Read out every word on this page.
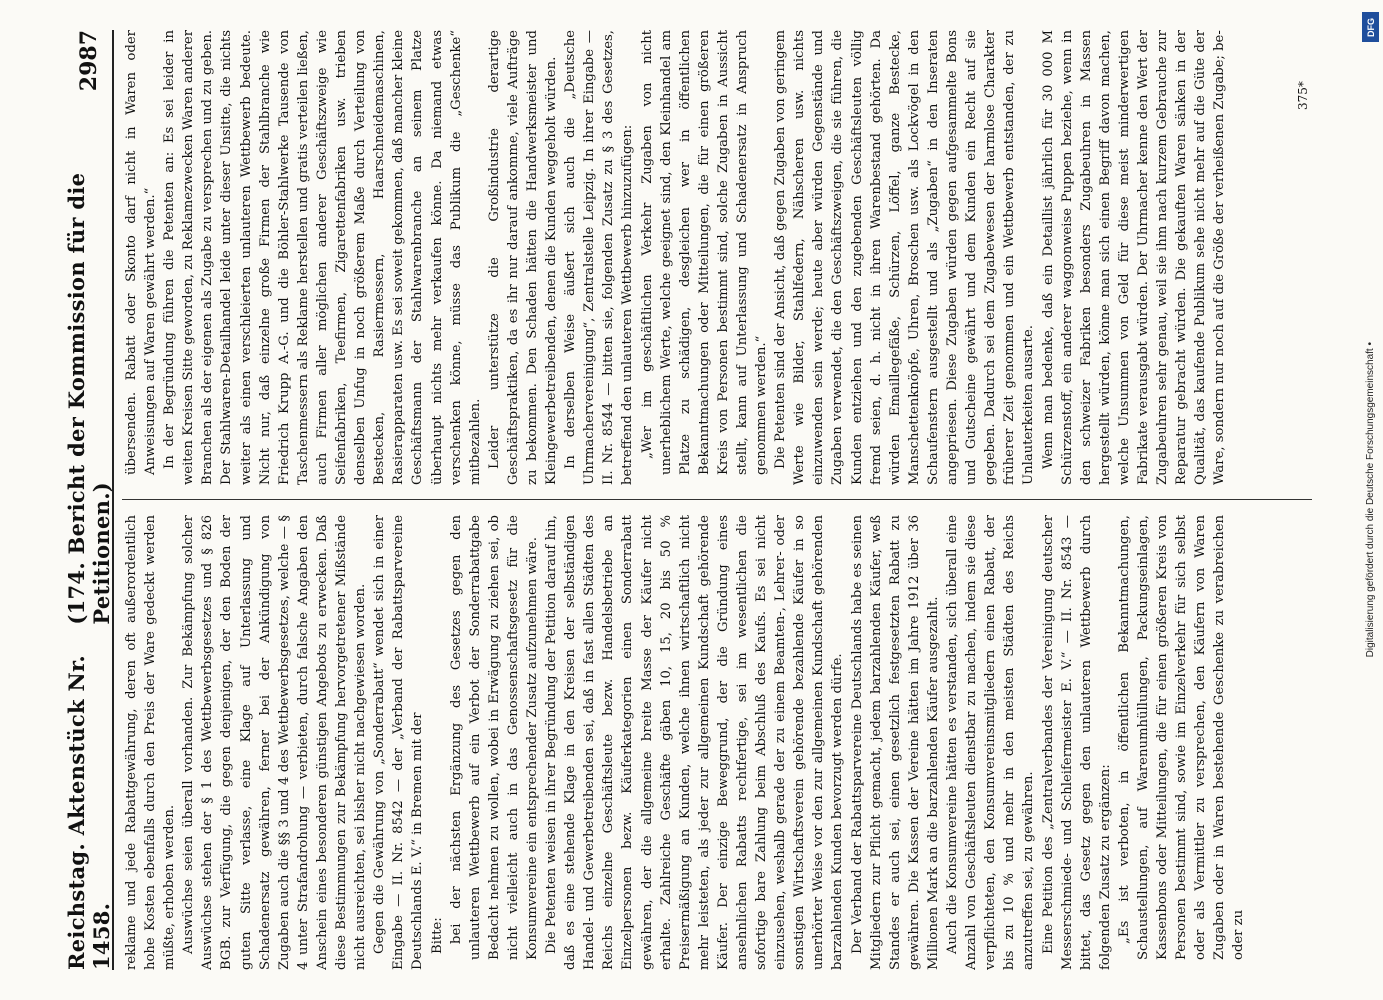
Reichstag. Aktenstück Nr. 1458.
(174. Bericht der Kommission für die Petitionen.)
2987

reklame und jede Rabattgewährung, deren oft außerordentlich hohe Kosten ebenfalls durch den Preis der Ware gedeckt werden müßte, erhoben werden. Auswüchse seien überall vorhanden. Zur Bekämpfung solcher Auswüchse stehen der § 1 des Wettbewerbsgesetzes und § 826 BGB. zur Verfügung, die gegen denjenigen, der den Boden der guten Sitte verlasse, eine Klage auf Unterlassung und Schadenersatz gewähren, ferner bei der Ankündigung von Zugaben auch die §§ 3 und 4 des Wettbewerbsgesetzes, welche — § 4 unter Strafandrohung — verbieten, durch falsche Angaben den Anschein eines besonderen günstigen Angebots zu erwecken. Daß diese Bestimmungen zur Bekämpfung hervorgetretener Mißstände nicht ausreichten, sei bisher nicht nachgewiesen worden. Gegen die Gewährung von „Sonderrabatt“ wendet sich in einer Eingabe — II. Nr. 8542 — der „Verband der Rabattsparvereine Deutschlands E. V.“ in Bremen mit der Bitte: bei der nächsten Ergänzung des Gesetzes gegen den unlauteren Wettbewerb auf ein Verbot der Sonderrabattgabe Bedacht nehmen zu wollen, wobei in Erwägung zu ziehen sei, ob nicht vielleicht auch in das Genossenschaftsgesetz für die Konsumvereine ein entsprechender Zusatz aufzunehmen wäre. Die Petenten weisen in ihrer Begründung der Petition darauf hin, daß es eine stehende Klage in den Kreisen der selbständigen Handel- und Gewerbetreibenden sei, daß in fast allen Städten des Reichs einzelne Geschäftsleute bezw. Handelsbetriebe an Einzelpersonen bezw. Käuferkategorien einen Sonderrabatt gewähren, der die allgemeine breite Masse der Käufer nicht erhalte. Zahlreiche Geschäfte gäben 10, 15, 20 bis 50 % Preisermäßigung an Kunden, welche ihnen wirtschaftlich nicht mehr leisteten, als jeder zur allgemeinen Kundschaft gehörende Käufer. Der einzige Beweggrund, der die Gründung eines ansehnlichen Rabatts rechtfertige, sei im wesentlichen die sofortige bare Zahlung beim Abschluß des Kaufs. Es sei nicht einzusehen, weshalb gerade der zu einem Beamten-, Lehrer- oder sonstigen Wirtschaftsverein gehörende bezahlende Käufer in so unerhörter Weise vor den zur allgemeinen Kundschaft gehörenden barzahlenden Kunden bevorzugt werden dürfe. Der Verband der Rabattsparvereine Deutschlands habe es seinen Mitgliedern zur Pflicht gemacht, jedem barzahlenden Käufer, weß Standes er auch sei, einen gesetzlich festgesetzten Rabatt zu gewähren. Die Kassen der Vereine hätten im Jahre 1912 über 36 Millionen Mark an die barzahlenden Käufer ausgezahlt. Auch die Konsumvereine hätten es verstanden, sich überall eine Anzahl von Geschäftsleuten dienstbar zu machen, indem sie diese verpflichteten, den Konsumvereinsmitgliedern einen Rabatt, der bis zu 10 % und mehr in den meisten Städten des Reichs anzutreffen sei, zu gewähren. Eine Petition des „Zentralverbandes der Vereinigung deutscher Messerschmiede- und Schleifermeister E. V.“ — II. Nr. 8543 — bittet, das Gesetz gegen den unlauteren Wettbewerb durch folgenden Zusatz zu ergänzen: „Es ist verboten, in öffentlichen Bekanntmachungen, Schaustellungen, auf Warenumhüllungen, Packungseinlagen, Kassenbons oder Mitteilungen, die für einen größeren Kreis von Personen bestimmt sind, sowie im Einzelverkehr für sich selbst oder als Vermittler zu versprechen, den Käufern von Waren Zugaben oder in Waren bestehende Geschenke zu verabreichen oder zu

übersenden. Rabatt oder Skonto darf nicht in Waren oder Anweisungen auf Waren gewährt werden.“ In der Begründung führen die Petenten an: Es sei leider in weiten Kreisen Sitte geworden, zu Reklamezwecken Waren anderer Branchen als der eigenen als Zugabe zu versprechen und zu geben. Der Stahlwaren-Detailhandel leide unter dieser Unsitte, die nichts weiter als einen verschleierten unlauteren Wettbewerb bedeute. Nicht nur, daß einzelne große Firmen der Stahlbranche wie Friedrich Krupp A.-G. und die Böhler-Stahlwerke Tausende von Taschenmessern als Reklame herstellen und gratis verteilen ließen, auch Firmen aller möglichen anderer Geschäftszweige wie Seifenfabriken, Teefirmen, Zigarettenfabriken usw. trieben denselben Unfug in noch größerem Maße durch Verteilung von Bestecken, Rasiermessern, Haarschneidemaschinen, Rasierapparaten usw. Es sei soweit gekommen, daß mancher kleine Geschäftsmann der Stahlwarenbranche an seinem Platze überhaupt nichts mehr verkaufen könne. Da niemand etwas verschenken könne, müsse das Publikum die „Geschenke“ mitbezahlen. Leider unterstütze die Großindustrie derartige Geschäftspraktiken, da es ihr nur darauf ankomme, viele Aufträge zu bekommen. Den Schaden hätten die Handwerksmeister und Kleingewerbetreibenden, denen die Kunden weggeholt würden. In derselben Weise äußert sich auch die „Deutsche Uhrmachervereinigung“, Zentralstelle Leipzig. In ihrer Eingabe — II. Nr. 8544 — bitten sie, folgenden Zusatz zu § 3 des Gesetzes, betreffend den unlauteren Wettbewerb hinzuzufügen: „Wer im geschäftlichen Verkehr Zugaben von nicht unerheblichem Werte, welche geeignet sind, den Kleinhandel am Platze zu schädigen, desgleichen wer in öffentlichen Bekanntmachungen oder Mitteilungen, die für einen größeren Kreis von Personen bestimmt sind, solche Zugaben in Aussicht stellt, kann auf Unterlassung und Schadenersatz in Anspruch genommen werden.“ Die Petenten sind der Ansicht, daß gegen Zugaben von geringem Werte wie Bilder, Stahlfedern, Nähscheren usw. nichts einzuwenden sein werde; heute aber würden Gegenstände und Zugaben verwendet, die den Geschäftszweigen, die sie führen, die Kunden entziehen und den zugebenden Geschäftsleuten völlig fremd seien, d. h. nicht in ihren Warenbestand gehörten. Da würden Emaillegefäße, Schürzen, Löffel, ganze Bestecke, Manschettenknöpfe, Uhren, Broschen usw. als Lockvögel in den Schaufenstern ausgestellt und als „Zugaben“ in den Inseraten angepriesen. Diese Zugaben würden gegen aufgesammelte Bons und Gutscheine gewährt und dem Kunden ein Recht auf sie gegeben. Dadurch sei dem Zugabewesen der harmlose Charakter früherer Zeit genommen und ein Wettbewerb entstanden, der zu Unlauterkeiten ausarte. Wenn man bedenke, daß ein Detaillist jährlich für 30 000 M Schürzenstoff, ein anderer waggonweise Puppen beziehe, wenn in den schweizer Fabriken besonders Zugabeuhren in Massen hergestellt würden, könne man sich einen Begriff davon machen, welche Unsummen von Geld für diese meist minderwertigen Fabrikate verausgabt würden. Der Uhrmacher kenne den Wert der Zugabeuhren sehr genau, weil sie ihm nach kurzem Gebrauche zur Reparatur gebracht würden. Die gekauften Waren sänken in der Qualität, das kaufende Publikum sehe nicht mehr auf die Güte der Ware, sondern nur noch auf die Größe der verheißenen Zugabe; be-	375*
DFG
Digitalisierung gefördert durch die Deutsche Forschungsgemeinschaft •
